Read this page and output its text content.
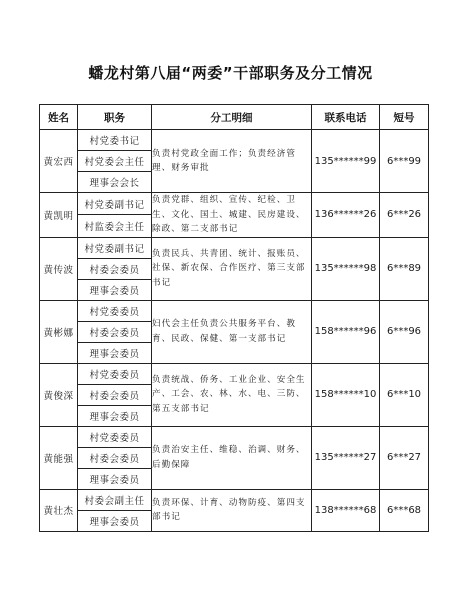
蟠龙村第八届“两委”干部职务及分工情况
姓名	职务	分工明细	联系电话	短号
黄宏西	村党委书记	负责村党政全面工作；负责经济管理、财务审批	135******99	6***99
	村党委会主任			
	理事会会长			
黄凯明	村党委副书记	负责党群、组织、宣传、纪检、卫生、文化、国土、城建、民房建设、除政、第二支部书记	136******26	6***26
	村监委会主任			
黄传波	村党委副书记	负责民兵、共青团、统计、报账员、社保、新农保、合作医疗、第三支部书记	135******98	6***89
	村委会委员			
	理事会委员			
黄彬娜	村党委委员	妇代会主任负责公共服务平台、教育、民政、保健、第一支部书记	158******96	6***96
	村委会委员			
	理事会委员			
黄俊深	村党委委员	负责统战、侨务、工业企业、安全生产、工会、农、林、水、电、三防、第五支部书记	158******10	6***10
	村委会委员			
	理事会委员			
黄能强	村党委委员	负责治安主任、维稳、治调、财务、后勤保障	135******27	6***27
	村委会委员			
	理事会委员			
黄壮杰	村委会副主任	负责环保、计育、动物防疫、第四支部书记	138******68	6***68
	理事会委员			
